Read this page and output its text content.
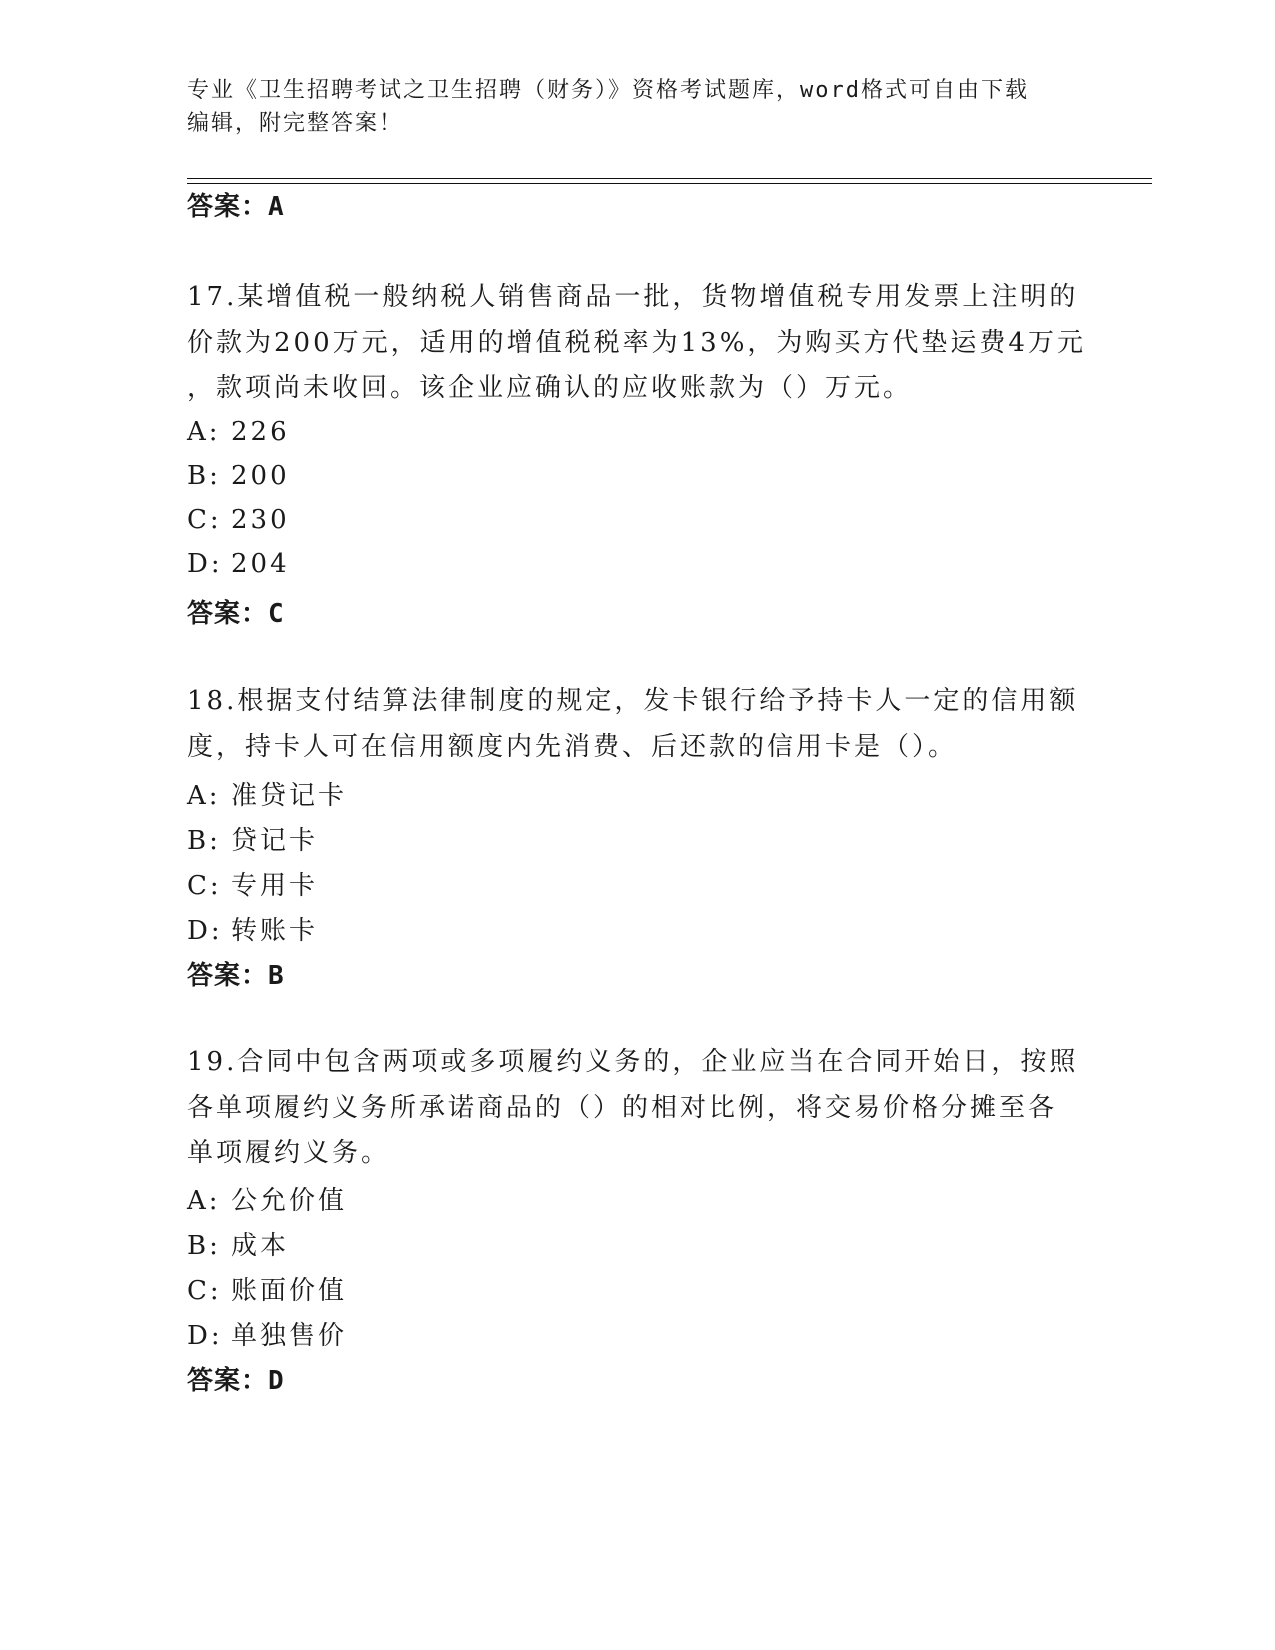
专业《卫生招聘考试之卫生招聘（财务）》资格考试题库，word格式可自由下载
编辑，附完整答案！
答案：A
17.某增值税一般纳税人销售商品一批，货物增值税专用发票上注明的
价款为200万元，适用的增值税税率为13%，为购买方代垫运费4万元
，款项尚未收回。该企业应确认的应收账款为（）万元。
A: 226
B: 200
C: 230
D: 204
答案：C
18.根据支付结算法律制度的规定，发卡银行给予持卡人一定的信用额
度，持卡人可在信用额度内先消费、后还款的信用卡是（）。
A: 准贷记卡
B: 贷记卡
C: 专用卡
D: 转账卡
答案：B
19.合同中包含两项或多项履约义务的，企业应当在合同开始日，按照
各单项履约义务所承诺商品的（）的相对比例，将交易价格分摊至各
单项履约义务。
A: 公允价值
B: 成本
C: 账面价值
D: 单独售价
答案：D
